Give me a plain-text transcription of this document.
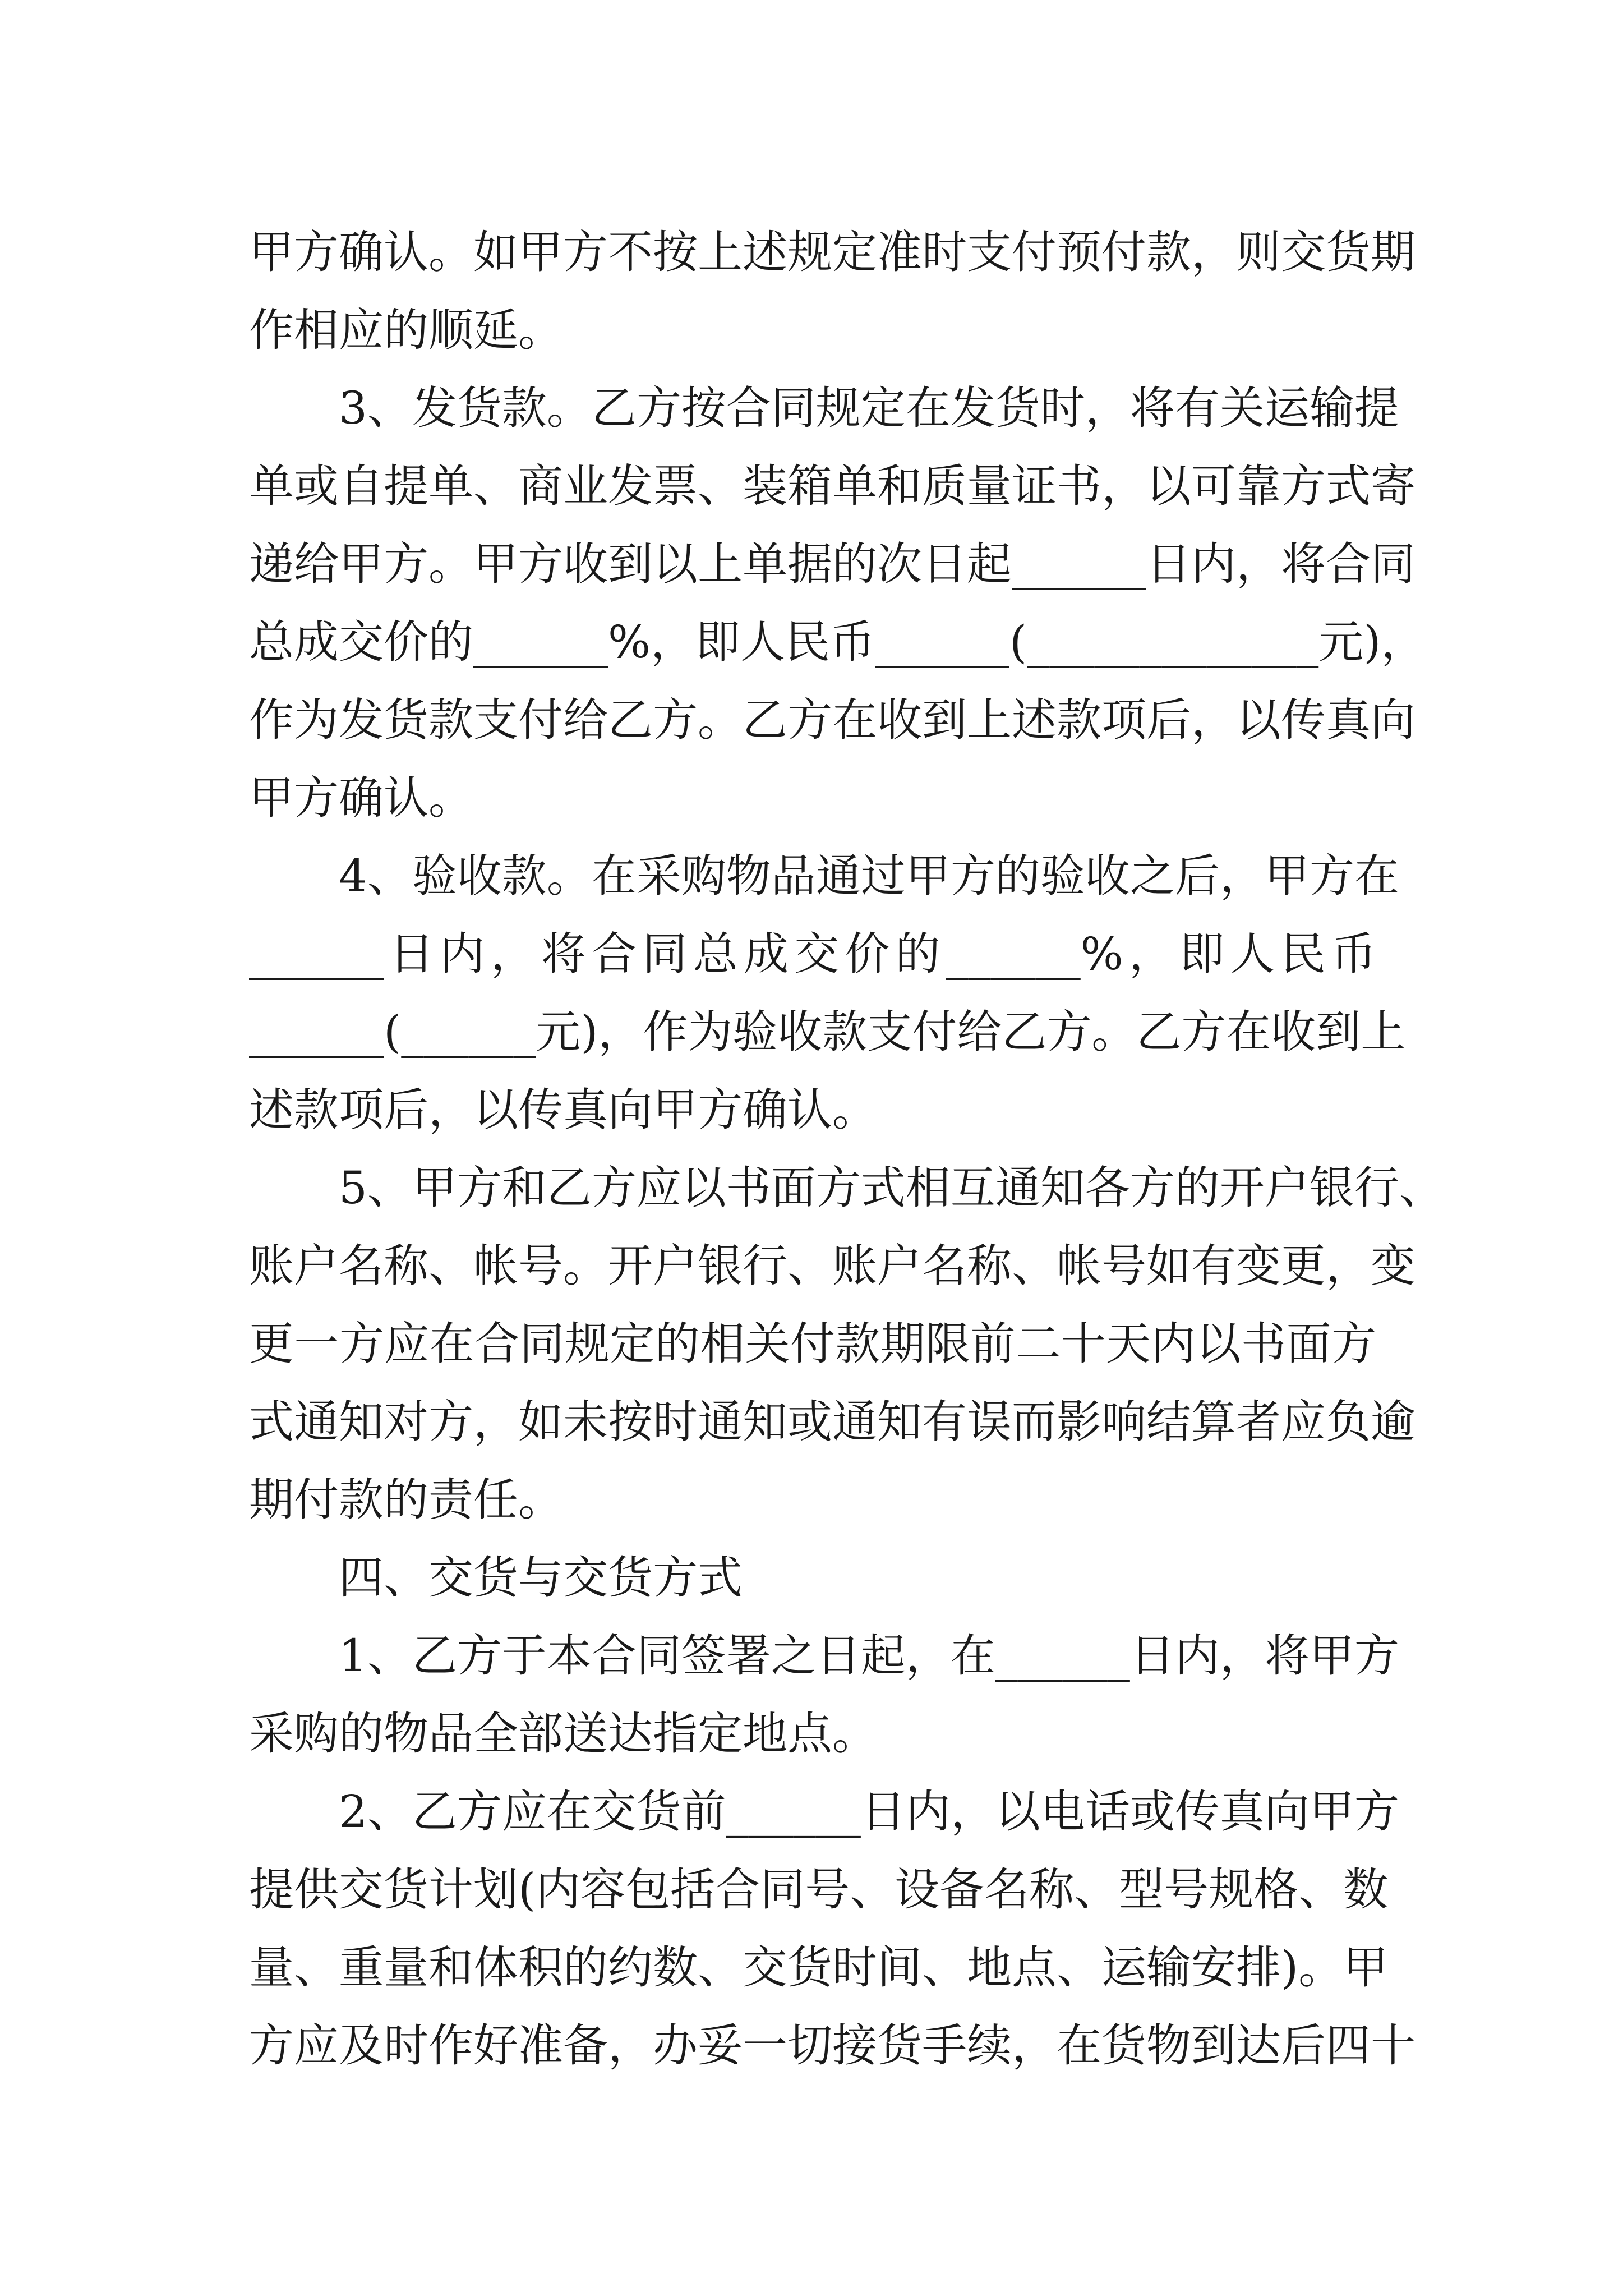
甲方确认。如甲方不按上述规定准时支付预付款，则交货期
作相应的顺延。
3、发货款。乙方按合同规定在发货时，将有关运输提
单或自提单、商业发票、装箱单和质量证书，以可靠方式寄
递给甲方。甲方收到以上单据的次日起______日内，将合同
总成交价的______%，即人民币______(_____________元)，
作为发货款支付给乙方。乙方在收到上述款项后，以传真向
甲方确认。
4、验收款。在采购物品通过甲方的验收之后，甲方在
______日内，将合同总成交价的______%，即人民币
______(______元)，作为验收款支付给乙方。乙方在收到上
述款项后，以传真向甲方确认。
5、甲方和乙方应以书面方式相互通知各方的开户银行、
账户名称、帐号。开户银行、账户名称、帐号如有变更，变
更一方应在合同规定的相关付款期限前二十天内以书面方
式通知对方，如未按时通知或通知有误而影响结算者应负逾
期付款的责任。
四、交货与交货方式
1、乙方于本合同签署之日起，在______日内，将甲方
采购的物品全部送达指定地点。
2、乙方应在交货前______日内，以电话或传真向甲方
提供交货计划(内容包括合同号、设备名称、型号规格、数
量、重量和体积的约数、交货时间、地点、运输安排)。甲
方应及时作好准备，办妥一切接货手续，在货物到达后四十
